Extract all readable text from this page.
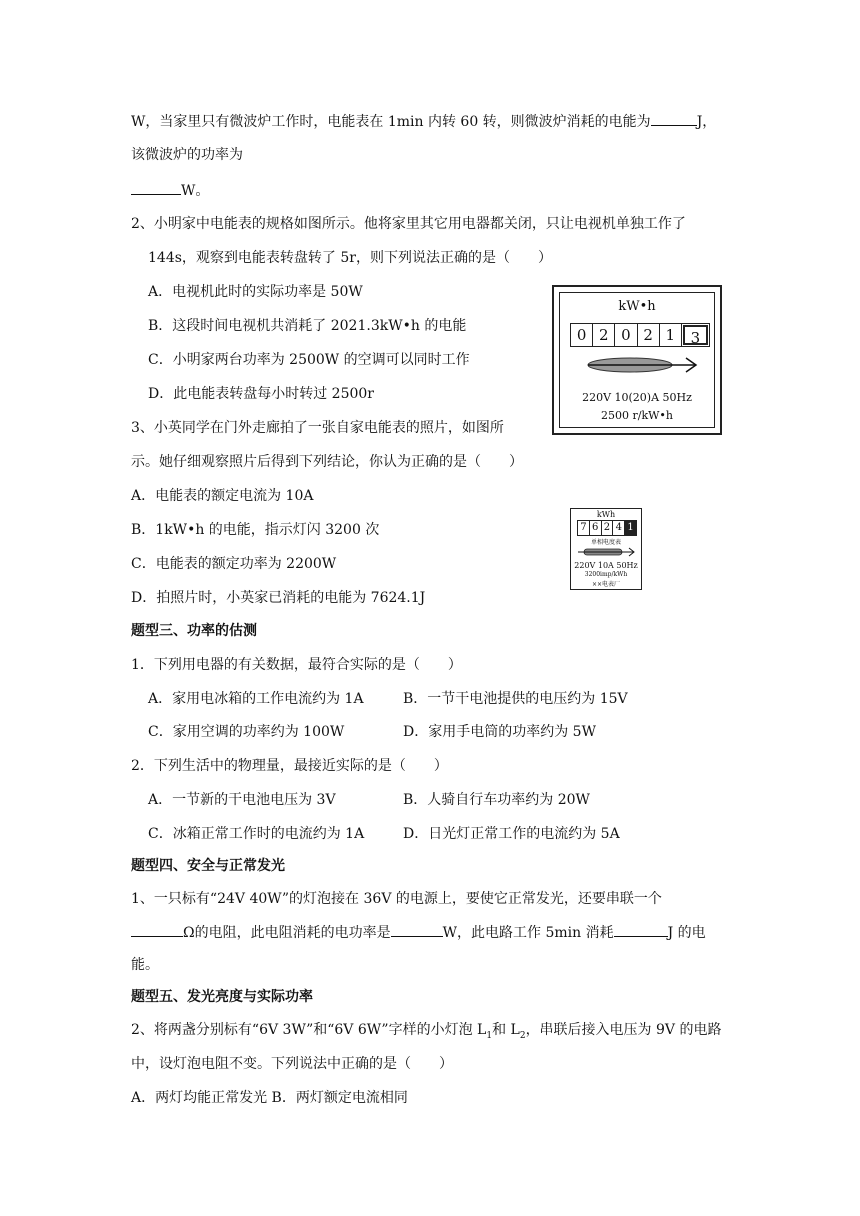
W，当家里只有微波炉工作时，电能表在 1min 内转 60 转，则微波炉消耗的电能为	J，
该微波炉的功率为
W。
2、小明家中电能表的规格如图所示。他将家里其它用电器都关闭，只让电视机单独工作了
144s，观察到电能表转盘转了 5r，则下列说法正确的是（　　）
A．电视机此时的实际功率是 50W
B．这段时间电视机共消耗了 2021.3kW•h 的电能
C．小明家两台功率为 2500W 的空调可以同时工作
D．此电能表转盘每小时转过 2500r
kW•h
0 2 0 2 1	3
220V 10(20)A 50Hz
2500 r/kW•h
3、小英同学在门外走廊拍了一张自家电能表的照片，如图所
示。她仔细观察照片后得到下列结论，你认为正确的是（　　）
A．电能表的额定电流为 10A
B．1kW•h 的电能，指示灯闪 3200 次
C．电能表的额定功率为 2200W
D．拍照片时，小英家已消耗的电能为 7624.1J
kWh
7 6 2 4 1
单相电度表
220V 10A 50Hz
3200imp/kWh
××电表厂
题型三、功率的估测
1．下列用电器的有关数据，最符合实际的是（　　）
A．家用电冰箱的工作电流约为 1A	B．一节干电池提供的电压约为 15V
C．家用空调的功率约为 100W	D．家用手电筒的功率约为 5W
2．下列生活中的物理量，最接近实际的是（　　）
A．一节新的干电池电压为 3V	B．人骑自行车功率约为 20W
C．冰箱正常工作时的电流约为 1A	D．日光灯正常工作的电流约为 5A
题型四、安全与正常发光
1、一只标有“24V 40W”的灯泡接在 36V 的电源上，要使它正常发光，还要串联一个
Ω的电阻，此电阻消耗的电功率是	W，此电路工作 5min 消耗	J 的电
能。
题型五、发光亮度与实际功率
2、将两盏分别标有“6V 3W”和“6V 6W”字样的小灯泡 $L_1$和 $L_2$，串联后接入电压为 9V 的电路
中，设灯泡电阻不变。下列说法中正确的是（　　）
A．两灯均能正常发光 B．两灯额定电流相同
